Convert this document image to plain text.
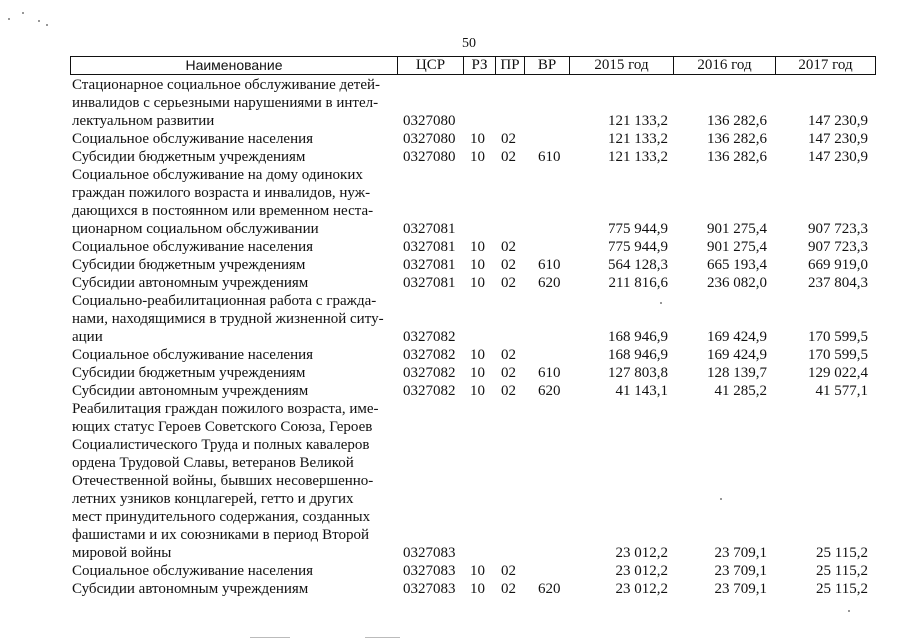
50
Наименование	ЦСР	РЗ ПР	ВР	2015 год	2016 год	2017 год
Стационарное социальное обслуживание детей-
инвалидов с серьезными нарушениями в интел-
лектуальном развитии	0327080	121 133,2	136 282,6	147 230,9
Социальное обслуживание населения	0327080 10 02	121 133,2	136 282,6	147 230,9
Субсидии бюджетным учреждениям	0327080 10 02 610	121 133,2	136 282,6	147 230,9
Социальное обслуживание на дому одиноких
граждан пожилого возраста и инвалидов, нуж-
дающихся в постоянном или временном неста-
ционарном социальном обслуживании	0327081	775 944,9	901 275,4	907 723,3
Социальное обслуживание населения	0327081 10 02	775 944,9	901 275,4	907 723,3
Субсидии бюджетным учреждениям	0327081 10 02 610	564 128,3	665 193,4	669 919,0
Субсидии автономным учреждениям	0327081 10 02 620	211 816,6	236 082,0	237 804,3
Социально-реабилитационная работа с гражда-
нами, находящимися в трудной жизненной ситу-
ации	0327082	168 946,9	169 424,9	170 599,5
Социальное обслуживание населения	0327082 10 02	168 946,9	169 424,9	170 599,5
Субсидии бюджетным учреждениям	0327082 10 02 610	127 803,8	128 139,7	129 022,4
Субсидии автономным учреждениям	0327082 10 02 620	41 143,1	41 285,2	41 577,1
Реабилитация граждан пожилого возраста, име-
ющих статус Героев Советского Союза, Героев
Социалистического Труда и полных кавалеров
ордена Трудовой Славы, ветеранов Великой
Отечественной войны, бывших несовершенно-
летних узников концлагерей, гетто и других
мест принудительного содержания, созданных
фашистами и их союзниками в период Второй
мировой войны	0327083	23 012,2	23 709,1	25 115,2
Социальное обслуживание населения	0327083 10 02	23 012,2	23 709,1	25 115,2
Субсидии автономным учреждениям	0327083 10 02 620	23 012,2	23 709,1	25 115,2
